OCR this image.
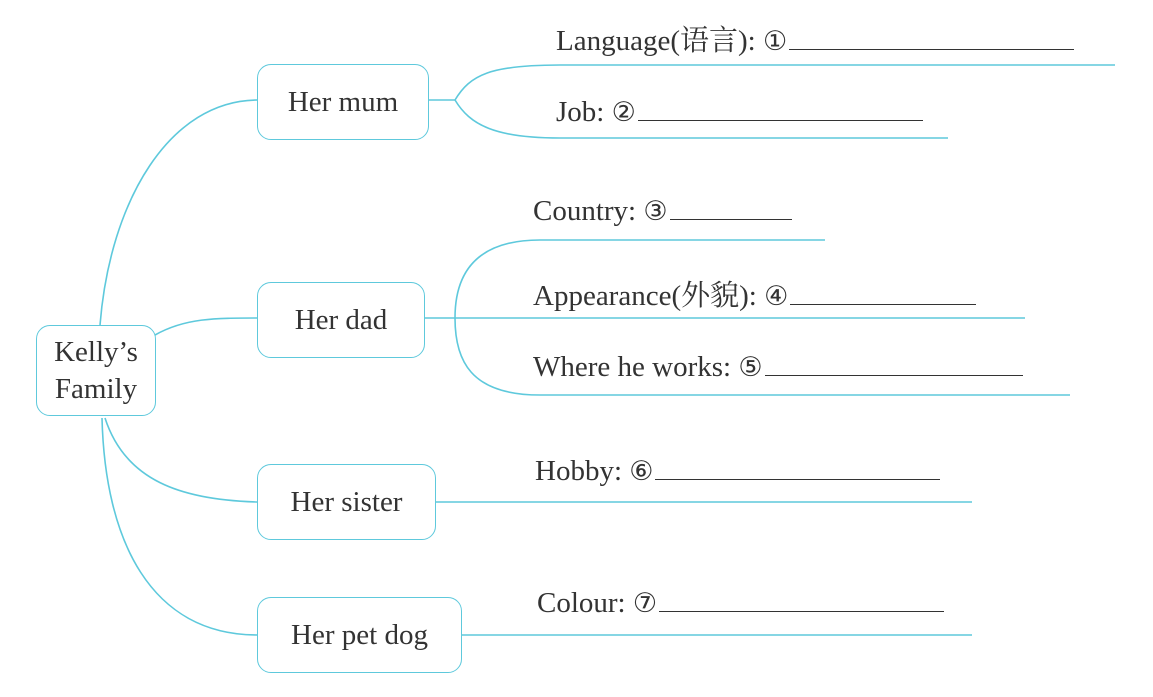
Kelly’s
Family
Her mum
Her dad
Her sister
Her pet dog
Language(语言): ①
Job: ②
Country: ③
Appearance(外貌): ④
Where he works: ⑤
Hobby: ⑥
Colour: ⑦
